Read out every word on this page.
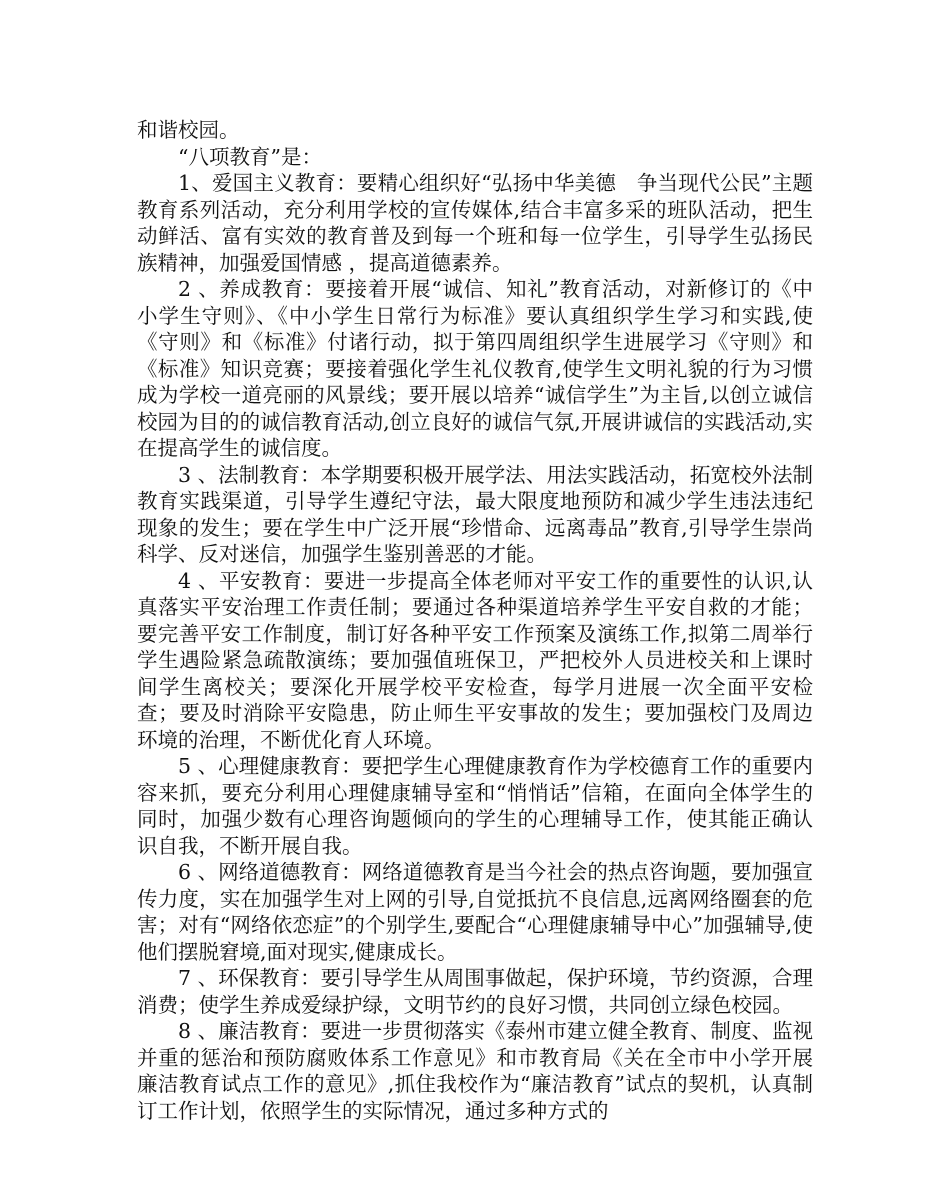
和谐校园。

“八项教育”是：

1、爱国主义教育：要精心组织好“弘扬中华美德　争当现代公民”主题教育系列活动，充分利用学校的宣传媒体,结合丰富多采的班队活动，把生动鲜活、富有实效的教育普及到每一个班和每一位学生，引导学生弘扬民族精神，加强爱国情感 ，提高道德素养。

2 、养成教育：要接着开展“诚信、知礼”教育活动，对新修订的《中小学生守则》、《中小学生日常行为标准》要认真组织学生学习和实践,使《守则》和《标准》付诸行动，拟于第四周组织学生进展学习《守则》和《标准》知识竞赛；要接着强化学生礼仪教育,使学生文明礼貌的行为习惯成为学校一道亮丽的风景线；要开展以培养“诚信学生”为主旨,以创立诚信校园为目的的诚信教育活动,创立良好的诚信气氛,开展讲诚信的实践活动,实在提高学生的诚信度。

3 、法制教育：本学期要积极开展学法、用法实践活动，拓宽校外法制教育实践渠道，引导学生遵纪守法，最大限度地预防和减少学生违法违纪现象的发生；要在学生中广泛开展“珍惜命、远离毒品”教育,引导学生崇尚科学、反对迷信，加强学生鉴别善恶的才能。

4 、平安教育：要进一步提高全体老师对平安工作的重要性的认识,认真落实平安治理工作责任制；要通过各种渠道培养学生平安自救的才能；要完善平安工作制度，制订好各种平安工作预案及演练工作,拟第二周举行学生遇险紧急疏散演练；要加强值班保卫，严把校外人员进校关和上课时间学生离校关；要深化开展学校平安检查，每学月进展一次全面平安检查；要及时消除平安隐患，防止师生平安事故的发生；要加强校门及周边环境的治理，不断优化育人环境。

5 、心理健康教育：要把学生心理健康教育作为学校德育工作的重要内容来抓，要充分利用心理健康辅导室和“悄悄话”信箱，在面向全体学生的同时，加强少数有心理咨询题倾向的学生的心理辅导工作，使其能正确认识自我，不断开展自我。

6 、网络道德教育：网络道德教育是当今社会的热点咨询题，要加强宣传力度，实在加强学生对上网的引导,自觉抵抗不良信息,远离网络圈套的危害；对有“网络依恋症”的个别学生,要配合“心理健康辅导中心”加强辅导,使他们摆脱窘境,面对现实,健康成长。

7 、环保教育：要引导学生从周围事做起，保护环境，节约资源，合理消费；使学生养成爱绿护绿，文明节约的良好习惯，共同创立绿色校园。

8 、廉洁教育：要进一步贯彻落实《泰州市建立健全教育、制度、监视并重的惩治和预防腐败体系工作意见》和市教育局《关在全市中小学开展廉洁教育试点工作的意见》,抓住我校作为“廉洁教育”试点的契机，认真制订工作计划，依照学生的实际情况，通过多种方式的
